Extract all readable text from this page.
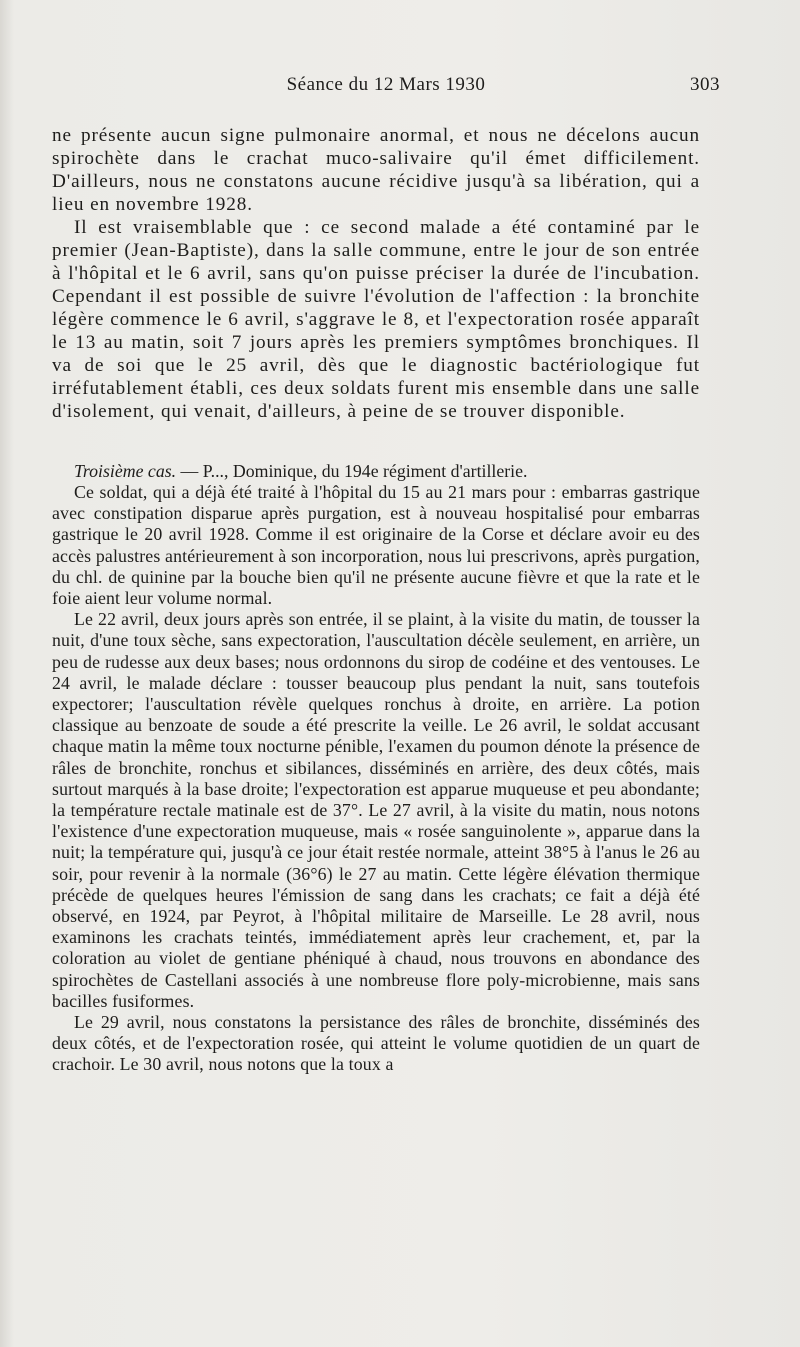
Séance du 12 Mars 1930	303

ne présente aucun signe pulmonaire anormal, et nous ne décelons aucun spirochète dans le crachat muco-salivaire qu'il émet difficilement. D'ailleurs, nous ne constatons aucune récidive jusqu'à sa libération, qui a lieu en novembre 1928.

Il est vraisemblable que : ce second malade a été contaminé par le premier (Jean-Baptiste), dans la salle commune, entre le jour de son entrée à l'hôpital et le 6 avril, sans qu'on puisse préciser la durée de l'incubation. Cependant il est possible de suivre l'évolution de l'affection : la bronchite légère commence le 6 avril, s'aggrave le 8, et l'expectoration rosée apparaît le 13 au matin, soit 7 jours après les premiers symptômes bronchiques. Il va de soi que le 25 avril, dès que le diagnostic bactériologique fut irréfutablement établi, ces deux soldats furent mis ensemble dans une salle d'isolement, qui venait, d'ailleurs, à peine de se trouver disponible.

Troisième cas. — P..., Dominique, du 194e régiment d'artillerie.

Ce soldat, qui a déjà été traité à l'hôpital du 15 au 21 mars pour : embarras gastrique avec constipation disparue après purgation, est à nouveau hospitalisé pour embarras gastrique le 20 avril 1928. Comme il est originaire de la Corse et déclare avoir eu des accès palustres antérieurement à son incorporation, nous lui prescrivons, après purgation, du chl. de quinine par la bouche bien qu'il ne présente aucune fièvre et que la rate et le foie aient leur volume normal.

Le 22 avril, deux jours après son entrée, il se plaint, à la visite du matin, de tousser la nuit, d'une toux sèche, sans expectoration, l'auscultation décèle seulement, en arrière, un peu de rudesse aux deux bases; nous ordonnons du sirop de codéine et des ventouses. Le 24 avril, le malade déclare : tousser beaucoup plus pendant la nuit, sans toutefois expectorer; l'auscultation révèle quelques ronchus à droite, en arrière. La potion classique au benzoate de soude a été prescrite la veille. Le 26 avril, le soldat accusant chaque matin la même toux nocturne pénible, l'examen du poumon dénote la présence de râles de bronchite, ronchus et sibilances, disséminés en arrière, des deux côtés, mais surtout marqués à la base droite; l'expectoration est apparue muqueuse et peu abondante; la température rectale matinale est de 37°. Le 27 avril, à la visite du matin, nous notons l'existence d'une expectoration muqueuse, mais « rosée sanguinolente », apparue dans la nuit; la température qui, jusqu'à ce jour était restée normale, atteint 38°5 à l'anus le 26 au soir, pour revenir à la normale (36°6) le 27 au matin. Cette légère élévation thermique précède de quelques heures l'émission de sang dans les crachats; ce fait a déjà été observé, en 1924, par Peyrot, à l'hôpital militaire de Marseille. Le 28 avril, nous examinons les crachats teintés, immédiatement après leur crachement, et, par la coloration au violet de gentiane phéniqué à chaud, nous trouvons en abondance des spirochètes de Castellani associés à une nombreuse flore poly-microbienne, mais sans bacilles fusiformes.

Le 29 avril, nous constatons la persistance des râles de bronchite, disséminés des deux côtés, et de l'expectoration rosée, qui atteint le volume quotidien de un quart de crachoir. Le 30 avril, nous notons que la toux a
